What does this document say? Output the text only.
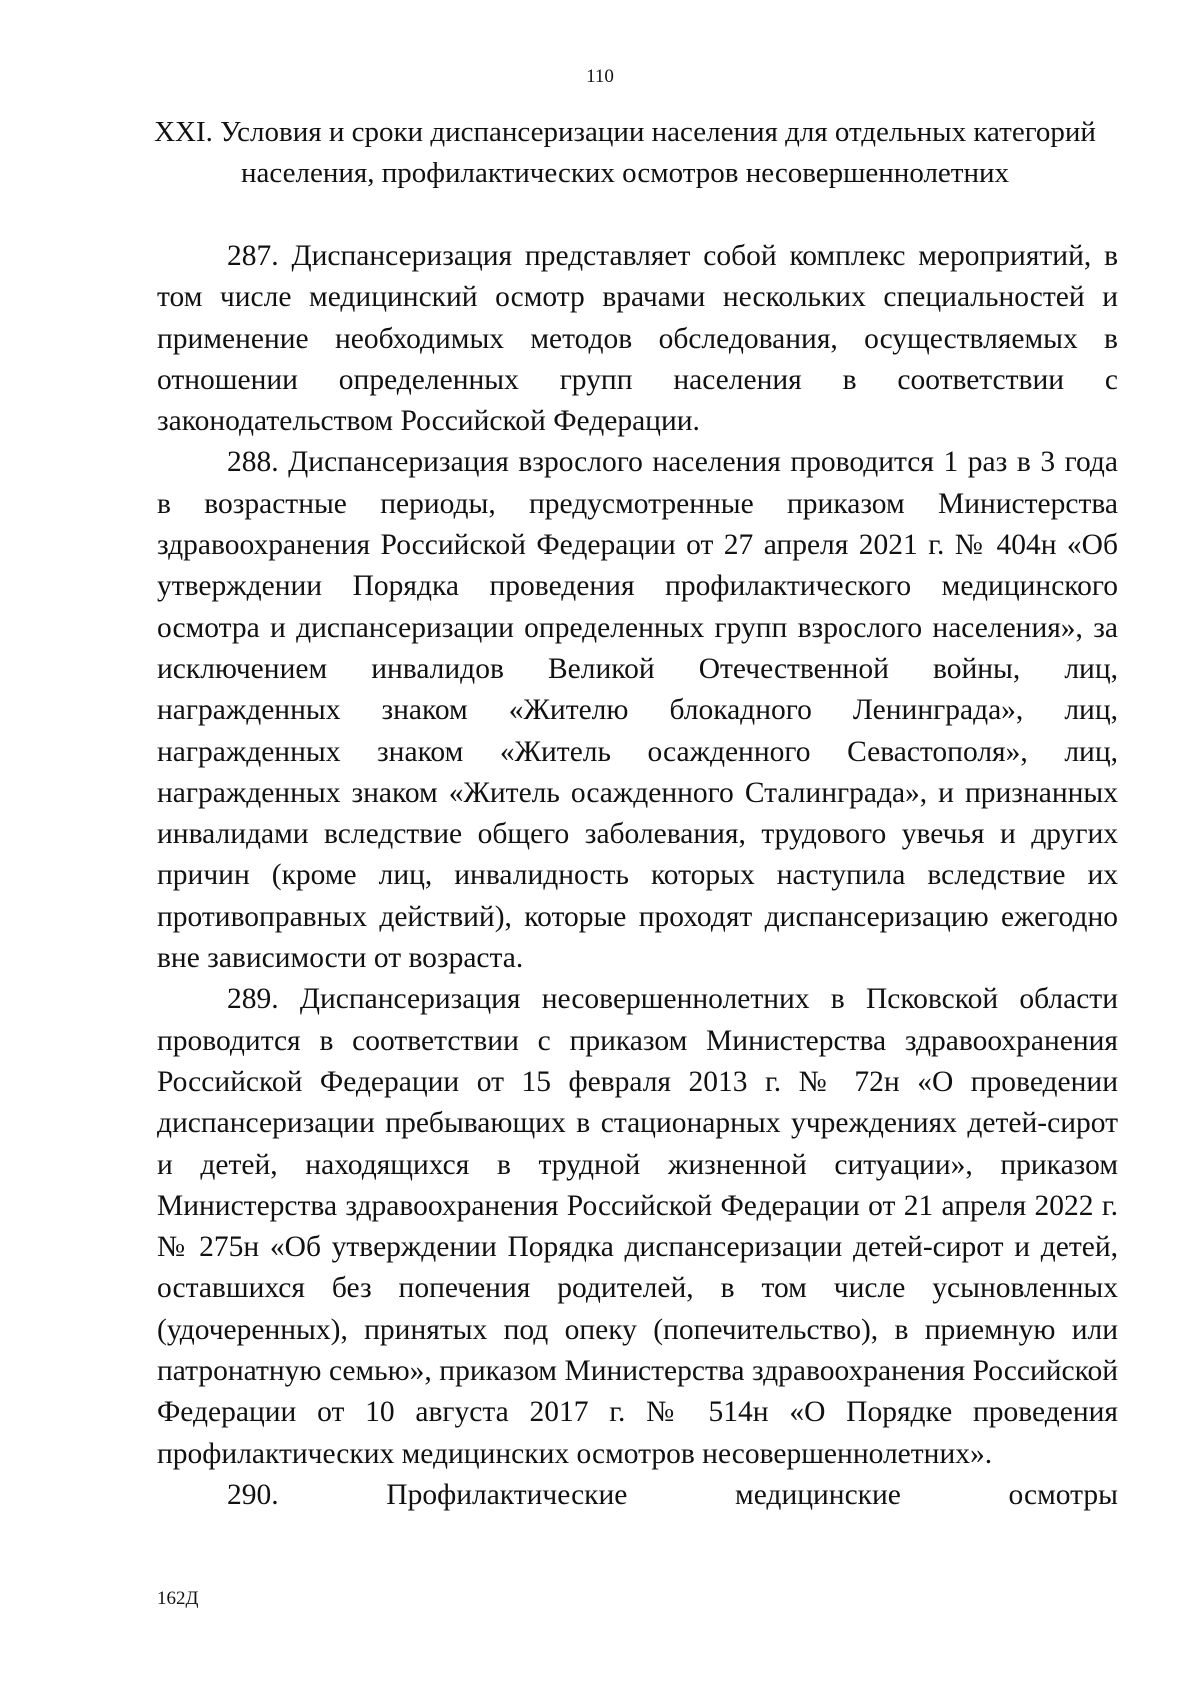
110
XXI. Условия и сроки диспансеризации населения для отдельных категорий населения, профилактических осмотров несовершеннолетних

287. Диспансеризация представляет собой комплекс мероприятий, в том числе медицинский осмотр врачами нескольких специальностей и применение необходимых методов обследования, осуществляемых в отношении определенных групп населения в соответствии с законодательством Российской Федерации.

288. Диспансеризация взрослого населения проводится 1 раз в 3 года в возрастные периоды, предусмотренные приказом Министерства здравоохранения Российской Федерации от 27 апреля 2021 г. № 404н «Об утверждении Порядка проведения профилактического медицинского осмотра и диспансеризации определенных групп взрослого населения», за исключением инвалидов Великой Отечественной войны, лиц, награжденных знаком «Жителю блокадного Ленинграда», лиц, награжденных знаком «Житель осажденного Севастополя», лиц, награжденных знаком «Житель осажденного Сталинграда», и признанных инвалидами вследствие общего заболевания, трудового увечья и других причин (кроме лиц, инвалидность которых наступила вследствие их противоправных действий), которые проходят диспансеризацию ежегодно вне зависимости от возраста.

289. Диспансеризация несовершеннолетних в Псковской области проводится в соответствии с приказом Министерства здравоохранения Российской Федерации от 15 февраля 2013 г. № 72н «О проведении диспансеризации пребывающих в стационарных учреждениях детей-сирот и детей, находящихся в трудной жизненной ситуации», приказом Министерства здравоохранения Российской Федерации от 21 апреля 2022 г. № 275н «Об утверждении Порядка диспансеризации детей-сирот и детей, оставшихся без попечения родителей, в том числе усыновленных (удочеренных), принятых под опеку (попечительство), в приемную или патронатную семью», приказом Министерства здравоохранения Российской Федерации от 10 августа 2017 г. № 514н «О Порядке проведения профилактических медицинских осмотров несовершеннолетних».

290. Профилактические медицинские осмотры

162Д
